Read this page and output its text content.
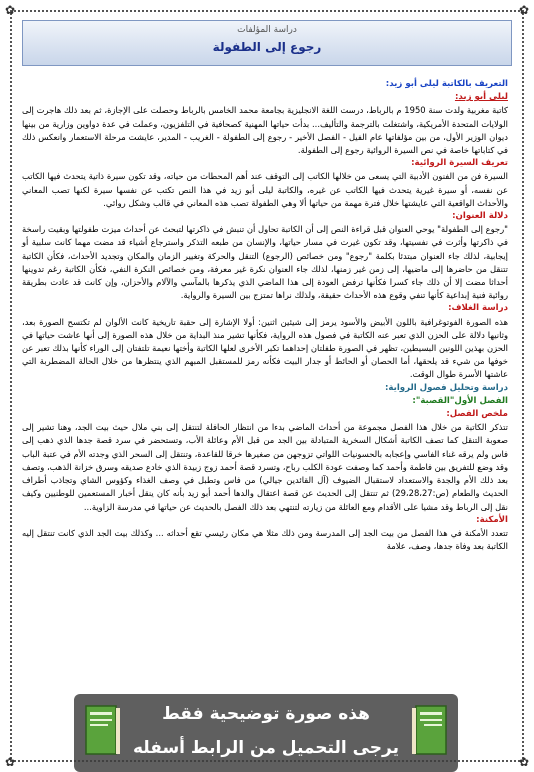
✿	✿
✿	✿
دراسة المؤلفات
رجوع إلى الطفولة

التعريف بالكاتبة ليلى أبو زيد:

ليلى أبو زيد:

كاتبة مغربية ولدت سنة 1950 م بالرباط، درست اللغة الانجليزية بجامعة محمد الخامس بالرباط وحصلت على الإجازة، ثم بعد ذلك هاجرت إلى الولايات المتحدة الأمريكية، واشتغلت بالترجمة والتأليف... بدأت حياتها المهنية كصحافية في التلفزيون، وعملت في عدة دواوين وزارية من بينها ديوان الوزير الأول، من بين مؤلفاتها عام الفيل - الفصل الأخير - رجوع إلى الطفولة - الغريب - المدير، عايشت مرحلة الاستعمار وانعكس ذلك في كتاباتها خاصة في نص السيرة الروائية رجوع إلى الطفولة.

تعريف السيرة الروائية:

السيرة فن من الفنون الأدبية التي يسعى من خلالها الكاتب إلى التوقف عند أهم المحطات من حياته، وقد تكون سيرة ذاتية يتحدث فيها الكاتب عن نفسه، أو سيرة غيرية يتحدث فيها الكاتب عن غيره، والكاتبة ليلى أبو زيد في هذا النص تكتب عن نفسها سيرة لكنها تصب المعاني والأحداث الواقعية التي عايشتها خلال فترة مهمة من حياتها ألا وهي الطفولة تصب هذه المعاني في قالب وشكل روائي.

دلالة العنوان:

"رجوع إلى الطفولة" يوحي العنوان قبل قراءة النص إلى أن الكاتبة تحاول أن تنبش في ذاكرتها لتبحث عن أحداث ميزت طفولتها وبقيت راسخة في ذاكرتها وأثرت في نفسيتها، وقد تكون غيرت في مسار حياتها، والإنسان من طبعه التذكر واسترجاع أشياء قد مضت مهما كانت سلبية أو إيجابية، لذلك جاء العنوان مبتدئا بكلمة "رجوع" ومن خصائص (الرجوع) التنقل والحركة وتغيير الزمان والمكان وتجديد الأحداث، فكأن الكاتبة تتنقل من حاضرها إلى ماضيها، إلى زمن غير زمنها، لذلك جاء العنوان نكرة غير معرفة، ومن خصائص النكرة النفي، فكأن الكاتبة رغم تدوينها أحداثا مضت إلا أن ذلك جاء كسرا فكأنها ترفض العودة إلى هذا الماضي الذي يذكرها بالمآسي والآلام والأحزان، وإن كانت قد عادت بطريقة روائية فنية إبداعية كأنها تنفي وقوع هذه الأحداث حقيقة، ولذلك نراها تمتزج بين السيرة والرواية.

دراسة الغلاف:

هذه الصورة الفوتوغرافية باللون الأبيض والأسود يرمز إلى شيئين اثنين: أولا الإشارة إلى حقبة تاريخية كانت الألوان لم تكتسح الصورة بعد، وثانيها دلالة على الحزن الذي تعبر عنه الكاتبة في فصول هذه الرواية، فكأنها تشير منذ البداية من خلال هذه الصورة إلى أنها عاشت حياتها في الحزن بهذين اللونين البسيطين، تظهر في الصورة طفلتان إحداهما تكبر الأخرى لعلها الكاتبة وأختها نعيمة تلتفتان إلى الوراء كأنها بذلك تعبر عن خوفها من شيء قد يلحقها، أما الحصان أو الحائط أو جدار البيت فكأنه رمز للمستقبل المبهم الذي ينتظرها من خلال الحالة المضطربة التي عاشتها الأسرة طوال الوقت.

دراسة وتحليل فصول الرواية:

الفصل الأول"القصبة":

ملخص الفصل:

تتذكر الكاتبة من خلال هذا الفصل مجموعة من أحداث الماضي بدءا من انتظار الحافلة لتنتقل إلى بني ملال حيث بيت الجد، وهنا تشير إلى صعوبة التنقل كما تصف الكاتبة أشكال السخرية المتبادلة بين الجد من قبل الأم وعائلة الأب، وتستحضر في سرد قصة جدها الذي ذهب إلى فاس ولم يرقه غناء الفاسي وإعجابه بالحسونيات اللواتي تزوجهن من صغيرها خرقا للقاعدة، وتنتقل إلى السحر الذي وجدته الأم في عتبة الباب وقد وضع للتفريق بين فاطمة وأحمد كما وصفت عودة الكلب رباح، وتسرد قصة أحمد زوج زبيدة الذي خادع صديقه وسرق خزانة الذهب، وتصف بعد ذلك الأم والجدة والاستعداد لاستقبال الضيوف (آل القائدين جيالي) من فاس وتطبل في وصف الغذاء وكؤوس الشاي وتجاذب أطراف الحديث والطعام (ص:29،28،27) ثم تنتقل إلى الحديث عن قصة اعتقال والدها أحمد أبو زيد بأنه كان ينقل أخبار المستعمين للوطنيين وكيف نقل إلى الرباط وقد مشيا على الأقدام ومع العائلة من زيارته لتنتهي بعد ذلك الفصل بالحديث عن حياتها في مدرسة الزاوية...

الأمكنة:

تتعدد الأمكنة في هذا الفصل من بيت الجد إلى المدرسة ومن ذلك مثلا هي مكان رئيسي تقع أحداثه ... وكذلك بيت الجد الذي كانت تنتقل إليه الكاتبة بعد وفاة جدها، وصف، علامة

هذه صورة توضيحية فقط
يرجى التحميل من الرابط أسفله
